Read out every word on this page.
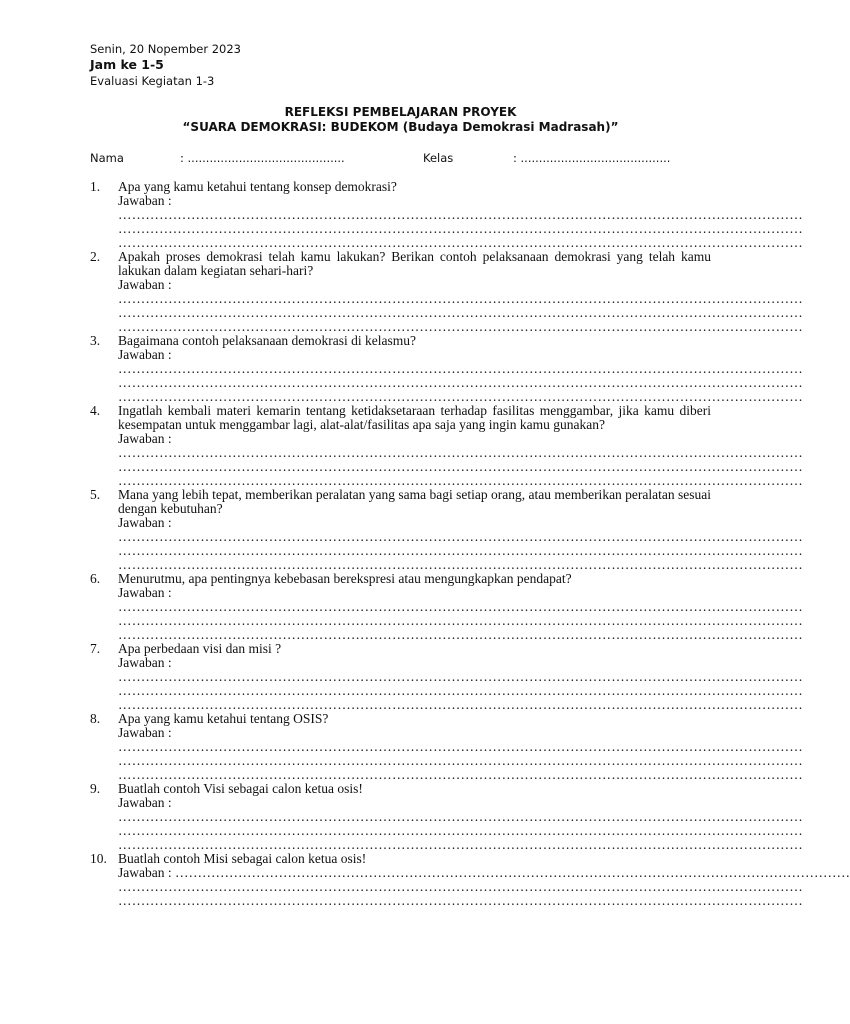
Senin, 20 Nopember 2023
Jam ke 1-5
Evaluasi Kegiatan 1-3
REFLEKSI PEMBELAJARAN PROYEK
“SUARA DEMOKRASI: BUDEKOM (Budaya Demokrasi Madrasah)”
Nama	: ...........................................	Kelas	: .........................................
1. Apa yang kamu ketahui tentang konsep demokrasi?
Jawaban :
……………………………………………………………………………………………………………………………………
……………………………………………………………………………………………………………………………………
……………………………………………………………………………………………………………………………………
2. Apakah proses demokrasi telah kamu lakukan? Berikan contoh pelaksanaan demokrasi yang telah kamu lakukan dalam kegiatan sehari-hari?
Jawaban :
……………………………………………………………………………………………………………………………………
……………………………………………………………………………………………………………………………………
……………………………………………………………………………………………………………………………………
3. Bagaimana contoh pelaksanaan demokrasi di kelasmu?
Jawaban :
……………………………………………………………………………………………………………………………………
……………………………………………………………………………………………………………………………………
……………………………………………………………………………………………………………………………………
4. Ingatlah kembali materi kemarin tentang ketidaksetaraan terhadap fasilitas menggambar, jika kamu diberi kesempatan untuk menggambar lagi, alat-alat/fasilitas apa saja yang ingin kamu gunakan?
Jawaban :
……………………………………………………………………………………………………………………………………
……………………………………………………………………………………………………………………………………
……………………………………………………………………………………………………………………………………
5. Mana yang lebih tepat, memberikan peralatan yang sama bagi setiap orang, atau memberikan peralatan sesuai dengan kebutuhan?
Jawaban :
……………………………………………………………………………………………………………………………………
……………………………………………………………………………………………………………………………………
……………………………………………………………………………………………………………………………………
6. Menurutmu, apa pentingnya kebebasan berekspresi atau mengungkapkan pendapat?
Jawaban :
……………………………………………………………………………………………………………………………………
……………………………………………………………………………………………………………………………………
……………………………………………………………………………………………………………………………………
7. Apa perbedaan visi dan misi ?
Jawaban :
……………………………………………………………………………………………………………………………………
……………………………………………………………………………………………………………………………………
……………………………………………………………………………………………………………………………………
8. Apa yang kamu ketahui tentang OSIS?
Jawaban :
……………………………………………………………………………………………………………………………………
……………………………………………………………………………………………………………………………………
……………………………………………………………………………………………………………………………………
9. Buatlah contoh Visi sebagai calon ketua osis!
Jawaban :
……………………………………………………………………………………………………………………………………
……………………………………………………………………………………………………………………………………
……………………………………………………………………………………………………………………………………
10. Buatlah contoh Misi sebagai calon ketua osis!
Jawaban : ……………………………………………………………………………………………………………………………………
……………………………………………………………………………………………………………………………………
……………………………………………………………………………………………………………………………………
